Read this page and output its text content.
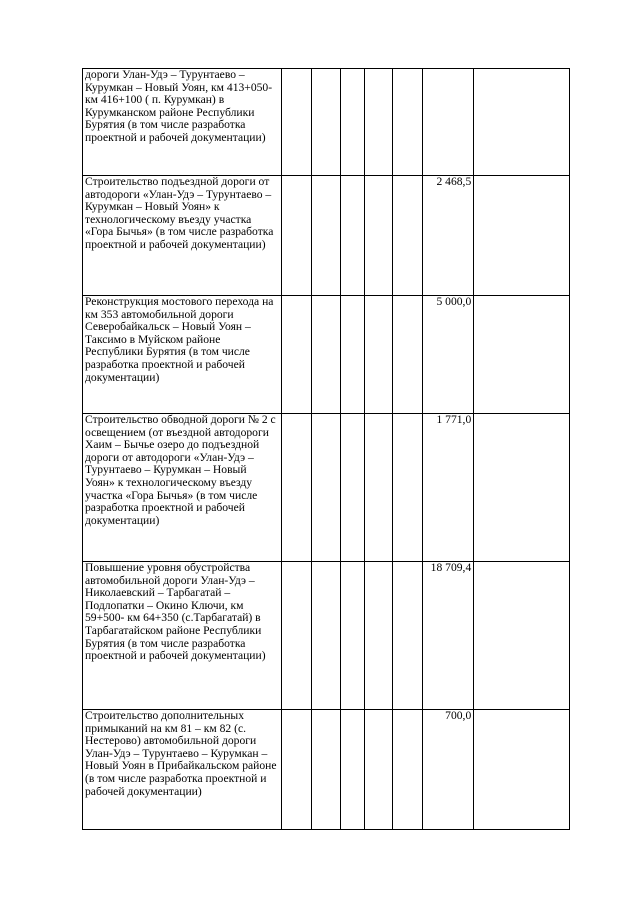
дороги Улан-Удэ – Турунтаево – Курумкан – Новый Уоян, км 413+050- км 416+100 ( п. Курумкан) в Курумканском районе Республики Бурятия (в том числе разработка проектной и рабочей документации)							
Строительство подъездной дороги от автодороги «Улан-Удэ – Турунтаево – Курумкан – Новый Уоян» к технологическому въезду участка «Гора Бычья» (в том числе разработка проектной и рабочей документации)						2 468,5	
Реконструкция мостового перехода на км 353 автомобильной дороги Северобайкальск – Новый Уоян – Таксимо в Муйском районе Республики Бурятия (в том числе разработка проектной и рабочей документации)						5 000,0	
Строительство обводной дороги № 2 с освещением (от въездной автодороги Хаим – Бычье озеро до подъездной дороги от автодороги «Улан-Удэ – Турунтаево – Курумкан – Новый Уоян» к технологическому въезду участка «Гора Бычья» (в том числе разработка проектной и рабочей документации)						1 771,0	
Повышение уровня обустройства автомобильной дороги Улан-Удэ – Николаевский – Тарбагатай – Подлопатки – Окино Ключи, км 59+500- км 64+350 (с.Тарбагатай) в Тарбагатайском районе Республики Бурятия (в том числе разработка проектной и рабочей документации)						18 709,4	
Строительство дополнительных примыканий на км 81 – км 82 (с. Нестерово) автомобильной дороги Улан-Удэ – Турунтаево – Курумкан – Новый Уоян в Прибайкальском районе (в том числе разработка проектной и рабочей документации)						700,0	
